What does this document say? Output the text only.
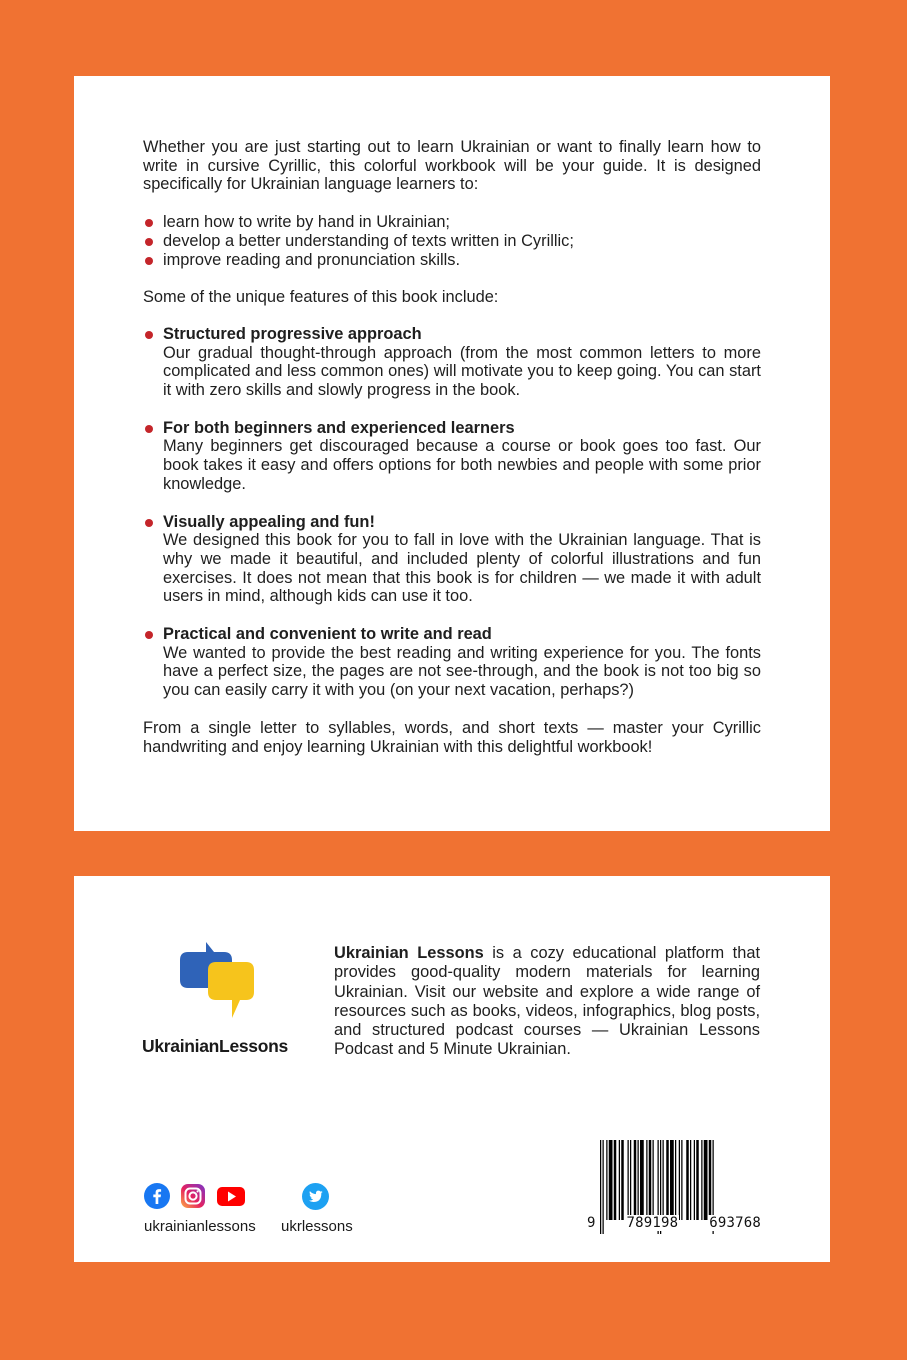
Whether you are just starting out to learn Ukrainian or want to finally learn how to write in cursive Cyrillic, this colorful workbook will be your guide. It is designed specifically for Ukrainian language learners to:

learn how to write by hand in Ukrainian;
develop a better understanding of texts written in Cyrillic;
improve reading and pronunciation skills.

Some of the unique features of this book include:

Structured progressive approach

Our gradual thought-through approach (from the most common letters to more complicated and less common ones) will motivate you to keep going. You can start it with zero skills and slowly progress in the book.

For both beginners and experienced learners

Many beginners get discouraged because a course or book goes too fast. Our book takes it easy and offers options for both newbies and people with some prior knowledge.

Visually appealing and fun!

We designed this book for you to fall in love with the Ukrainian language. That is why we made it beautiful, and included plenty of colorful illustrations and fun exercises. It does not mean that this book is for children — we made it with adult users in mind, although kids can use it too.

Practical and convenient to write and read

We wanted to provide the best reading and writing experience for you. The fonts have a perfect size, the pages are not see-through, and the book is not too big so you can easily carry it with you (on your next vacation, perhaps?)

From a single letter to syllables, words, and short texts — master your Cyrillic handwriting and enjoy learning Ukrainian with this delightful workbook!

UkrainianLessons
Ukrainian Lessons is a cozy educational platform that provides good-quality modern materials for learning Ukrainian. Visit our website and explore a wide range of resources such as books, videos, infographics, blog posts, and structured podcast courses — Ukrainian Lessons Podcast and 5 Minute Ukrainian.
ukrainianlessons ukrlessons	9 789198 693768
